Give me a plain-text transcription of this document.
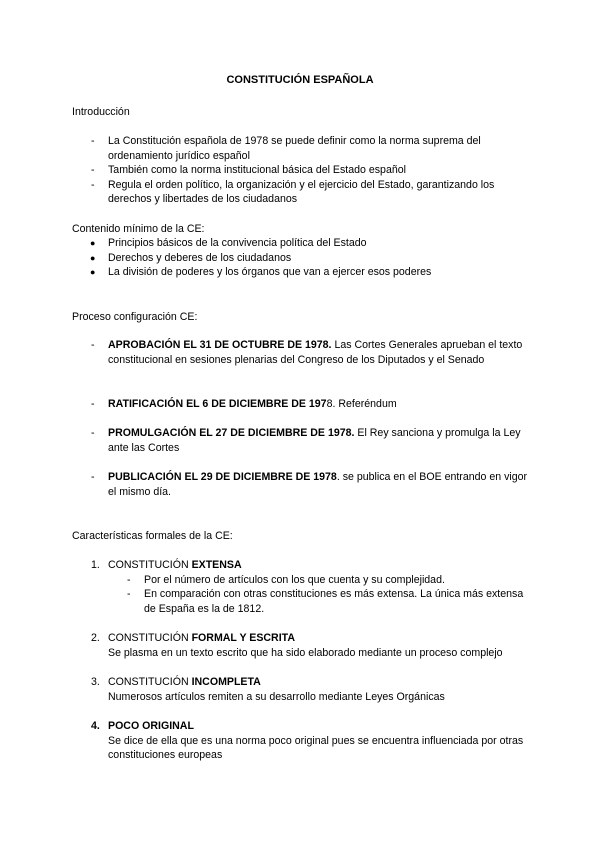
CONSTITUCIÓN ESPAÑOLA
Introducción
- La Constitución española de 1978 se puede definir como la norma suprema del ordenamiento jurídico español
- También como la norma institucional básica del Estado español
- Regula el orden político, la organización y el ejercicio del Estado, garantizando los derechos y libertades de los ciudadanos
Contenido mínimo de la CE:
● Principios básicos de la convivencia política del Estado
● Derechos y deberes de los ciudadanos
● La división de poderes y los órganos que van a ejercer esos poderes
Proceso configuración CE:
- APROBACIÓN EL 31 DE OCTUBRE DE 1978. Las Cortes Generales aprueban el texto constitucional en sesiones plenarias del Congreso de los Diputados y el Senado
- RATIFICACIÓN EL 6 DE DICIEMBRE DE 1978. Referéndum
- PROMULGACIÓN EL 27 DE DICIEMBRE DE 1978. El Rey sanciona y promulga la Ley ante las Cortes
- PUBLICACIÓN EL 29 DE DICIEMBRE DE 1978. se publica en el BOE entrando en vigor el mismo día.
Características formales de la CE:
1. CONSTITUCIÓN EXTENSA
- Por el número de artículos con los que cuenta y su complejidad.
- En comparación con otras constituciones es más extensa. La única más extensa de España es la de 1812.
2. CONSTITUCIÓN FORMAL Y ESCRITA
Se plasma en un texto escrito que ha sido elaborado mediante un proceso complejo
3. CONSTITUCIÓN INCOMPLETA
Numerosos artículos remiten a su desarrollo mediante Leyes Orgánicas
4. POCO ORIGINAL
Se dice de ella que es una norma poco original pues se encuentra influenciada por otras constituciones europeas
